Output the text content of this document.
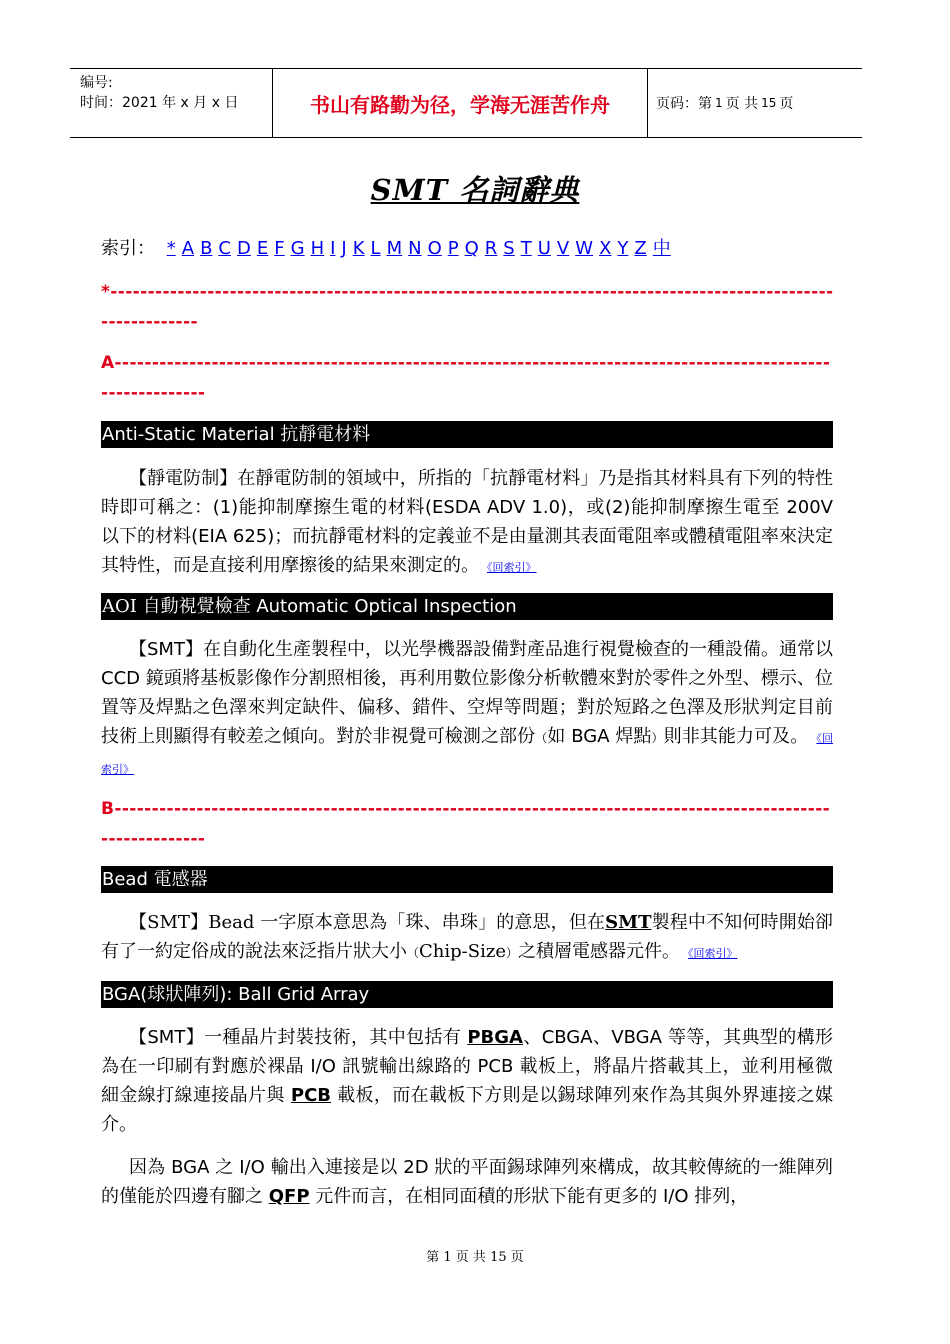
编号:
时间：2021 年 x 月 x 日	书山有路勤为径，学海无涯苦作舟	页码：第 1 页 共 15 页
SMT 名詞辭典
索引： * A B C D E F G H I J K L M N O P Q R S T U V W X Y Z 中
*--------------------------------------------------------------------------------------------------------------
A--------------------------------------------------------------------------------------------------------------
Anti-Static Material 抗靜電材料

【靜電防制】在靜電防制的領域中，所指的「抗靜電材料」乃是指其材料具有下列的特性時即可稱之：(1)能抑制摩擦生電的材料(ESDA ADV 1.0)，或(2)能抑制摩擦生電至 200V 以下的材料(EIA 625)；而抗靜電材料的定義並不是由量測其表面電阻率或體積電阻率來決定其特性，而是直接利用摩擦後的結果來測定的。 《回索引》

AOI 自動視覺檢查 Automatic Optical Inspection

【SMT】在自動化生產製程中，以光學機器設備對產品進行視覺檢查的一種設備。通常以 CCD 鏡頭將基板影像作分割照相後，再利用數位影像分析軟體來對於零件之外型、標示、位置等及焊點之色澤來判定缺件、偏移、錯件、空焊等問題；對於短路之色澤及形狀判定目前技術上則顯得有較差之傾向。對於非視覺可檢測之部份（如 BGA 焊點）則非其能力可及。 《回索引》

B--------------------------------------------------------------------------------------------------------------
Bead 電感器

【SMT】Bead 一字原本意思為「珠、串珠」的意思，但在SMT製程中不知何時開始卻有了一約定俗成的說法來泛指片狀大小（Chip-Size）之積層電感器元件。 《回索引》

BGA(球狀陣列): Ball Grid Array

【SMT】一種晶片封裝技術，其中包括有 PBGA、CBGA、VBGA 等等，其典型的構形為在一印刷有對應於裸晶 I/O 訊號輸出線路的 PCB 載板上，將晶片搭載其上，並利用極微細金線打線連接晶片與 PCB 載板，而在載板下方則是以錫球陣列來作為其與外界連接之媒介。

因為 BGA 之 I/O 輸出入連接是以 2D 狀的平面錫球陣列來構成，故其較傳統的一維陣列的僅能於四邊有腳之 QFP 元件而言，在相同面積的形狀下能有更多的 I/O 排列，

第 1 页 共 15 页
